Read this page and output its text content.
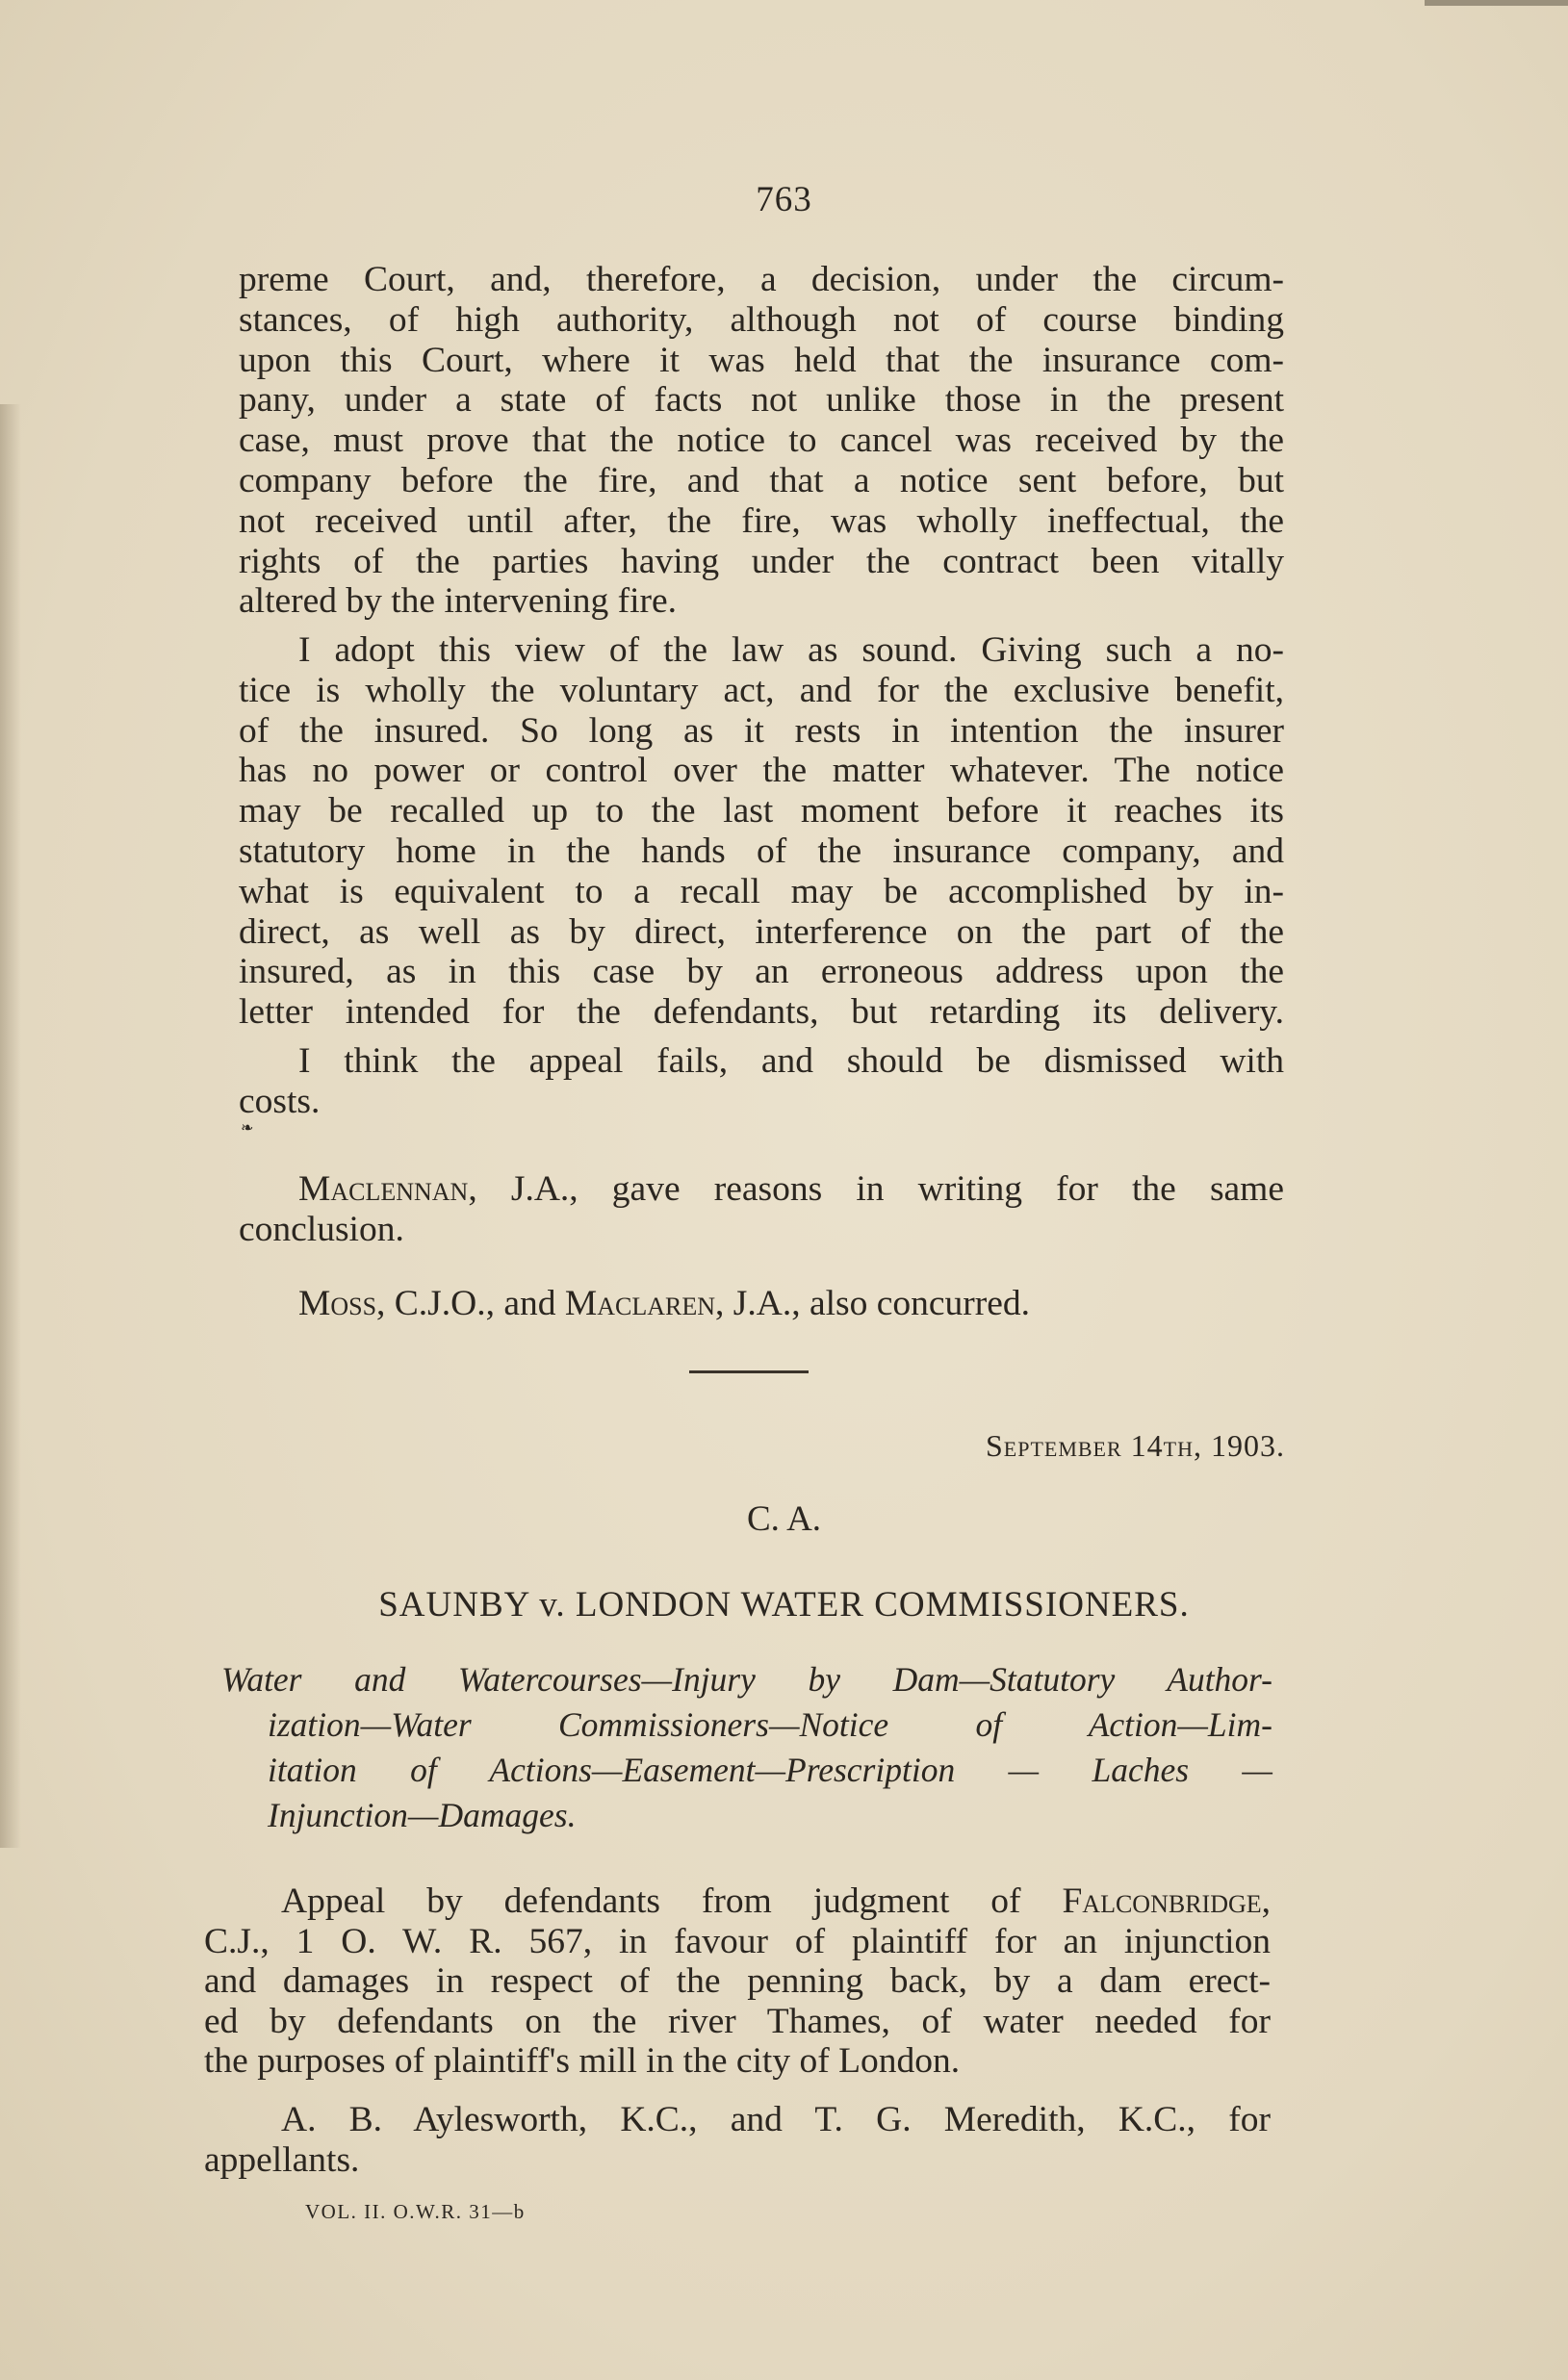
763
preme Court, and, therefore, a decision, under the circum-
stances, of high authority, although not of course binding
upon this Court, where it was held that the insurance com-
pany, under a state of facts not unlike those in the present
case, must prove that the notice to cancel was received by the
company before the fire, and that a notice sent before, but
not received until after, the fire, was wholly ineffectual, the
rights of the parties having under the contract been vitally
altered by the intervening fire.
I adopt this view of the law as sound. Giving such a no-
tice is wholly the voluntary act, and for the exclusive benefit,
of the insured. So long as it rests in intention the insurer
has no power or control over the matter whatever. The notice
may be recalled up to the last moment before it reaches its
statutory home in the hands of the insurance company, and
what is equivalent to a recall may be accomplished by in-
direct, as well as by direct, interference on the part of the
insured, as in this case by an erroneous address upon the
letter intended for the defendants, but retarding its delivery.
I think the appeal fails, and should be dismissed with
costs.
❧
Maclennan, J.A., gave reasons in writing for the same
conclusion.
Moss, C.J.O., and Maclaren, J.A., also concurred.
September 14th, 1903.
C. A.
SAUNBY v. LONDON WATER COMMISSIONERS.
Water and Watercourses—Injury by Dam—Statutory Author-
ization—Water Commissioners—Notice of Action—Lim-
itation of Actions—Easement—Prescription — Laches —
Injunction—Damages.
Appeal by defendants from judgment of Falconbridge,
C.J., 1 O. W. R. 567, in favour of plaintiff for an injunction
and damages in respect of the penning back, by a dam erect-
ed by defendants on the river Thames, of water needed for
the purposes of plaintiff's mill in the city of London.
A. B. Aylesworth, K.C., and T. G. Meredith, K.C., for
appellants.
VOL. II. O.W.R. 31—b
